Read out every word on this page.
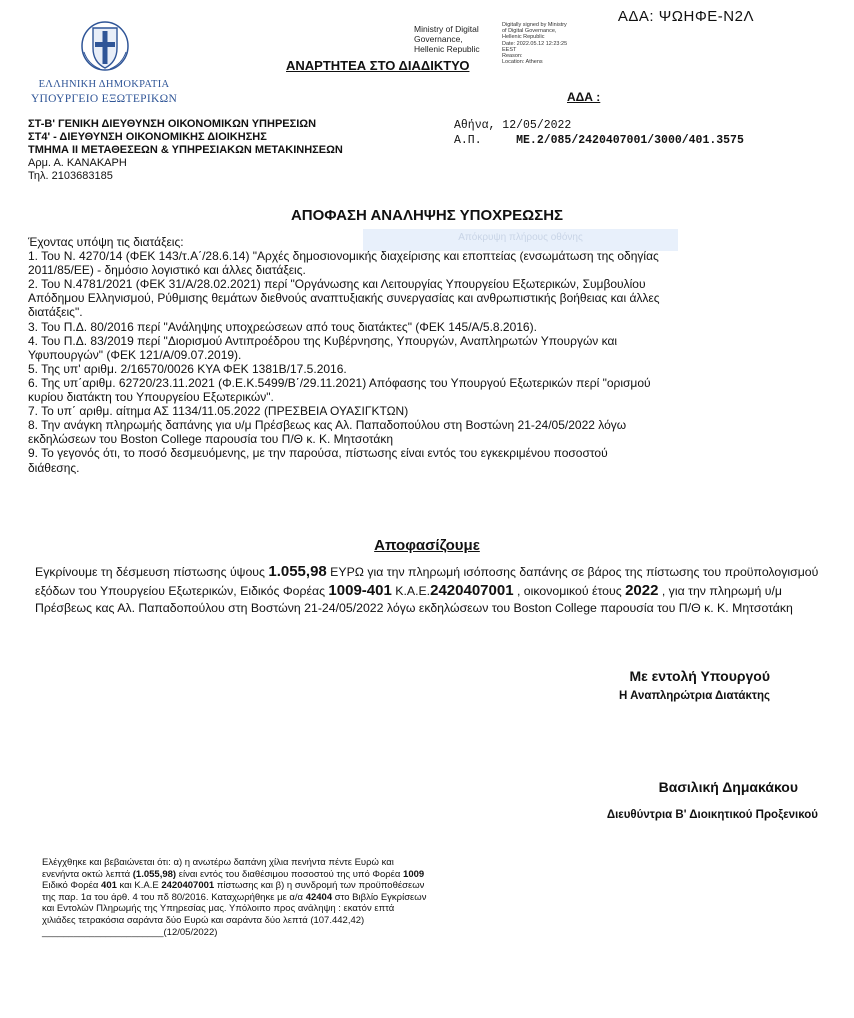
ΑΔΑ: ΨΩΗΦΕ-Ν2Λ
ΕΛΛΗΝΙΚΗ ΔΗΜΟΚΡΑΤΙΑ
ΥΠΟΥΡΓΕΙΟ ΕΞΩΤΕΡΙΚΩΝ
Ministry of Digital
Governance,
Hellenic Republic
Digitally signed by Ministry
of Digital Governance,
Hellenic Republic
Date: 2022.05.12 12:23:25
EEST
Reason:
Location: Athens
ΑΝΑΡΤΗΤΕΑ ΣΤΟ ΔΙΑΔΙΚΤΥΟ
ΑΔΑ :
ΣΤ-Β' ΓΕΝΙΚΗ ΔΙΕΥΘΥΝΣΗ ΟΙΚΟΝΟΜΙΚΩΝ ΥΠΗΡΕΣΙΩΝ
ΣΤ4' - ΔΙΕΥΘΥΝΣΗ ΟΙΚΟΝΟΜΙΚΗΣ ΔΙΟΙΚΗΣΗΣ
ΤΜΗΜΑ ΙΙ ΜΕΤΑΘΕΣΕΩΝ & ΥΠΗΡΕΣΙΑΚΩΝ ΜΕΤΑΚΙΝΗΣΕΩΝ
Αρμ. Α. ΚΑΝΑΚΑΡΗ
Τηλ. 2103683185
Αθήνα, 12/05/2022
Α.Π.	ΜΕ.2/085/2420407001/3000/401.3575
ΑΠΟΦΑΣΗ ΑΝΑΛΗΨΗΣ ΥΠΟΧΡΕΩΣΗΣ
Απόκρυψη πλήρους οθόνης
Έχοντας υπόψη τις διατάξεις:
1. Του Ν. 4270/14 (ΦΕΚ 143/τ.Α΄/28.6.14) "Αρχές δημοσιονομικής διαχείρισης και εποπτείας (ενσωμάτωση της οδηγίας
2011/85/ΕΕ) - δημόσιο λογιστικό και άλλες διατάξεις.
2. Του Ν.4781/2021 (ΦΕΚ 31/Α/28.02.2021) περί "Οργάνωσης και Λειτουργίας Υπουργείου Εξωτερικών, Συμβουλίου
Απόδημου Ελληνισμού, Ρύθμισης θεμάτων διεθνούς αναπτυξιακής συνεργασίας και ανθρωπιστικής βοήθειας και άλλες
διατάξεις".
3. Του Π.Δ. 80/2016 περί "Ανάληψης υποχρεώσεων από τους διατάκτες" (ΦΕΚ 145/Α/5.8.2016).
4. Του Π.Δ. 83/2019 περί "Διορισμού Αντιπροέδρου της Κυβέρνησης, Υπουργών, Αναπληρωτών Υπουργών και
Υφυπουργών" (ΦΕΚ 121/Α/09.07.2019).
5. Της υπ' αριθμ. 2/16570/0026 ΚΥΑ ΦΕΚ 1381Β/17.5.2016.
6. Της υπ΄αριθμ. 62720/23.11.2021 (Φ.Ε.Κ.5499/Β΄/29.11.2021) Απόφασης του Υπουργού Εξωτερικών περί "ορισμού
κυρίου διατάκτη του Υπουργείου Εξωτερικών".
7. Το υπ΄ αριθμ. αίτημα ΑΣ 1134/11.05.2022 (ΠΡΕΣΒΕΙΑ ΟΥΑΣΙΓΚΤΩΝ)
8. Την ανάγκη πληρωμής δαπάνης για υ/μ Πρέσβεως κας Αλ. Παπαδοπούλου στη Βοστώνη 21-24/05/2022 λόγω
εκδηλώσεων του Boston College παρουσία του Π/Θ κ. Κ. Μητσοτάκη
9. Το γεγονός ότι, το ποσό δεσμευόμενης, με την παρούσα, πίστωσης είναι εντός του εγκεκριμένου ποσοστού
διάθεσης.
Αποφασίζουμε
Εγκρίνουμε τη δέσμευση πίστωσης ύψους 1.055,98 ΕΥΡΩ για την πληρωμή ισόποσης δαπάνης σε βάρος της πίστωσης του προϋπολογισμού εξόδων του Υπουργείου Εξωτερικών, Ειδικός Φορέας 1009-401 Κ.Α.Ε.2420407001 , οικονομικού έτους 2022 , για την πληρωμή υ/μ Πρέσβεως κας Αλ. Παπαδοπούλου στη Βοστώνη 21-24/05/2022 λόγω εκδηλώσεων του Boston College παρουσία του Π/Θ κ. Κ. Μητσοτάκη
Με εντολή Υπουργού
Η Αναπληρώτρια Διατάκτης
Βασιλική Δημακάκου
Διευθύντρια Β' Διοικητικού Προξενικού
Ελέγχθηκε και βεβαιώνεται ότι: α) η ανωτέρω δαπάνη χίλια πενήντα πέντε Ευρώ και ενενήντα οκτώ λεπτά (1.055,98) είναι εντός του διαθέσιμου ποσοστού της υπό Φορέα 1009 Ειδικό Φορέα 401 και Κ.Α.Ε 2420407001 πίστωσης και β) η συνδρομή των προϋποθέσεων της παρ. 1α του άρθ. 4 του πδ 80/2016. Καταχωρήθηκε με α/α 42404 στο Βιβλίο Εγκρίσεων και Εντολών Πληρωμής της Υπηρεσίας μας. Υπόλοιπο προς ανάληψη : εκατόν επτά χιλιάδες τετρακόσια σαράντα δύο Ευρώ και σαράντα δύο λεπτά (107.442,42)
_______________________(12/05/2022)
